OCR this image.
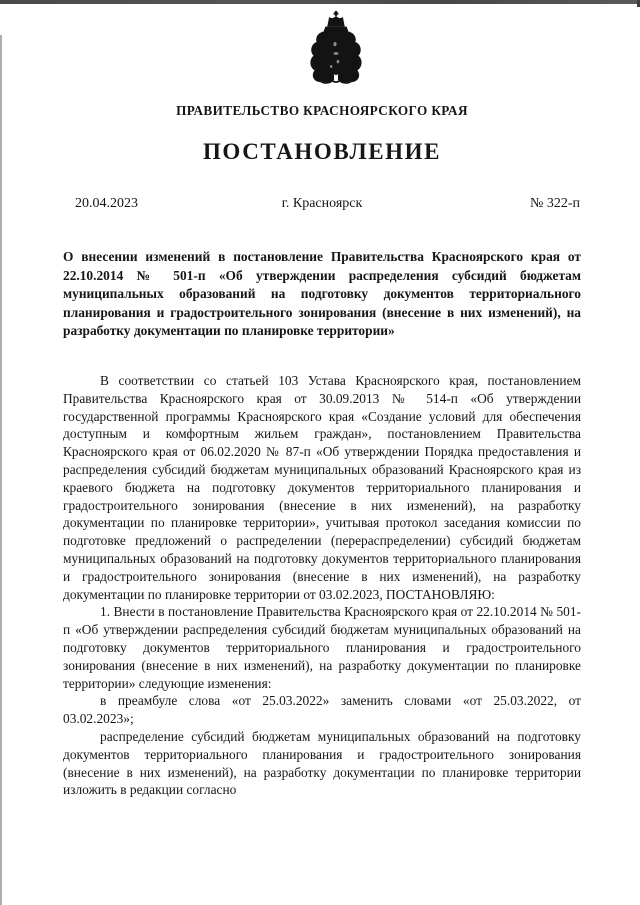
ПРАВИТЕЛЬСТВО КРАСНОЯРСКОГО КРАЯ
ПОСТАНОВЛЕНИЕ
20.04.2023	г. Красноярск	№ 322-п

О внесении изменений в постановление Правительства Красноярского края от 22.10.2014 № 501-п «Об утверждении распределения субсидий бюджетам муниципальных образований на подготовку документов территориального планирования и градостроительного зонирования (внесение в них изменений), на разработку документации по планировке территории»

В соответствии со статьей 103 Устава Красноярского края, постановлением Правительства Красноярского края от 30.09.2013 № 514-п «Об утверждении государственной программы Красноярского края «Создание условий для обеспечения доступным и комфортным жильем граждан», постановлением Правительства Красноярского края от 06.02.2020 № 87-п «Об утверждении Порядка предоставления и распределения субсидий бюджетам муниципальных образований Красноярского края из краевого бюджета на подготовку документов территориального планирования и градостроительного зонирования (внесение в них изменений), на разработку документации по планировке территории», учитывая протокол заседания комиссии по подготовке предложений о распределении (перераспределении) субсидий бюджетам муниципальных образований на подготовку документов территориального планирования и градостроительного зонирования (внесение в них изменений), на разработку документации по планировке территории от 03.02.2023, ПОСТАНОВЛЯЮ:

1. Внести в постановление Правительства Красноярского края от 22.10.2014 № 501-п «Об утверждении распределения субсидий бюджетам муниципальных образований на подготовку документов территориального планирования и градостроительного зонирования (внесение в них изменений), на разработку документации по планировке территории» следующие изменения:

в преамбуле слова «от 25.03.2022» заменить словами «от 25.03.2022, от 03.02.2023»;

распределение субсидий бюджетам муниципальных образований на подготовку документов территориального планирования и градостроительного зонирования (внесение в них изменений), на разработку документации по планировке территории изложить в редакции согласно
